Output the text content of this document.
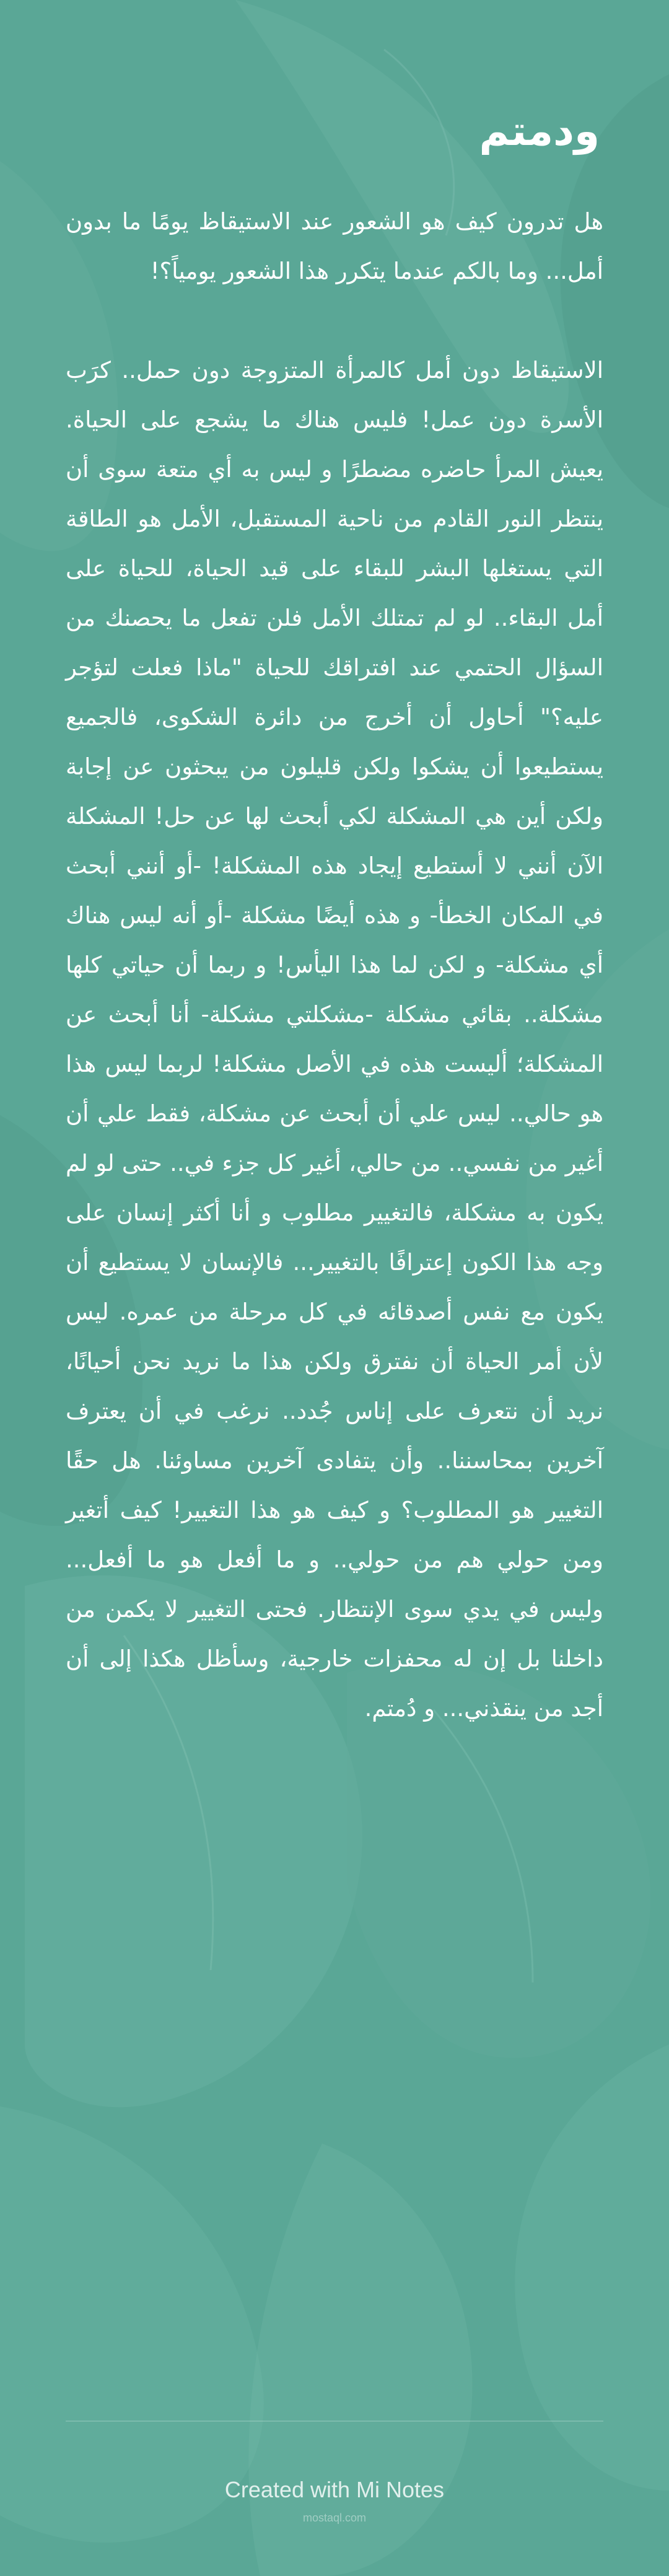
ودمتم

هل تدرون كيف هو الشعور عند الاستيقاظ يومًا ما بدون أمل... وما بالكم عندما يتكرر هذا الشعور يومياً؟!

الاستيقاظ دون أمل كالمرأة المتزوجة دون حمل.. كرَب الأسرة دون عمل! فليس هناك ما يشجع على الحياة. يعيش المرأ حاضره مضطرًا و ليس به أي متعة سوى أن ينتظر النور القادم من ناحية المستقبل، الأمل هو الطاقة التي يستغلها البشر للبقاء على قيد الحياة، للحياة على أمل البقاء.. لو لم تمتلك الأمل فلن تفعل ما يحصنك من السؤال الحتمي عند افتراقك للحياة "ماذا فعلت لتؤجر عليه؟" أحاول أن أخرج من دائرة الشكوى، فالجميع يستطيعوا أن يشكوا ولكن قليلون من يبحثون عن إجابة ولكن أين هي المشكلة لكي أبحث لها عن حل! المشكلة الآن أنني لا أستطيع إيجاد هذه المشكلة! -أو أنني أبحث في المكان الخطأ- و هذه أيضًا مشكلة -أو أنه ليس هناك أي مشكلة- و لكن لما هذا اليأس! و ربما أن حياتي كلها مشكلة.. بقائي مشكلة -مشكلتي مشكلة- أنا أبحث عن المشكلة؛ أليست هذه في الأصل مشكلة! لربما ليس هذا هو حالي.. ليس علي أن أبحث عن مشكلة، فقط علي أن أغير من نفسي.. من حالي، أغير كل جزء في.. حتى لو لم يكون به مشكلة، فالتغيير مطلوب و أنا أكثر إنسان على وجه هذا الكون إعترافًا بالتغيير... فالإنسان لا يستطيع أن يكون مع نفس أصدقائه في كل مرحلة من عمره. ليس لأن أمر الحياة أن نفترق ولكن هذا ما نريد نحن أحيانًا، نريد أن نتعرف على إناس جُدد.. نرغب في أن يعترف آخرين بمحاسننا.. وأن يتفادى آخرين مساوئنا. هل حقًا التغيير هو المطلوب؟ و كيف هو هذا التغيير! كيف أتغير ومن حولي هم من حولي.. و ما أفعل هو ما أفعل... وليس في يدي سوى الإنتظار. فحتى التغيير لا يكمن من داخلنا بل إن له محفزات خارجية، وسأظل هكذا إلى أن أجد من ينقذني... و دُمتم.

Created with Mi Notes
mostaql.com
